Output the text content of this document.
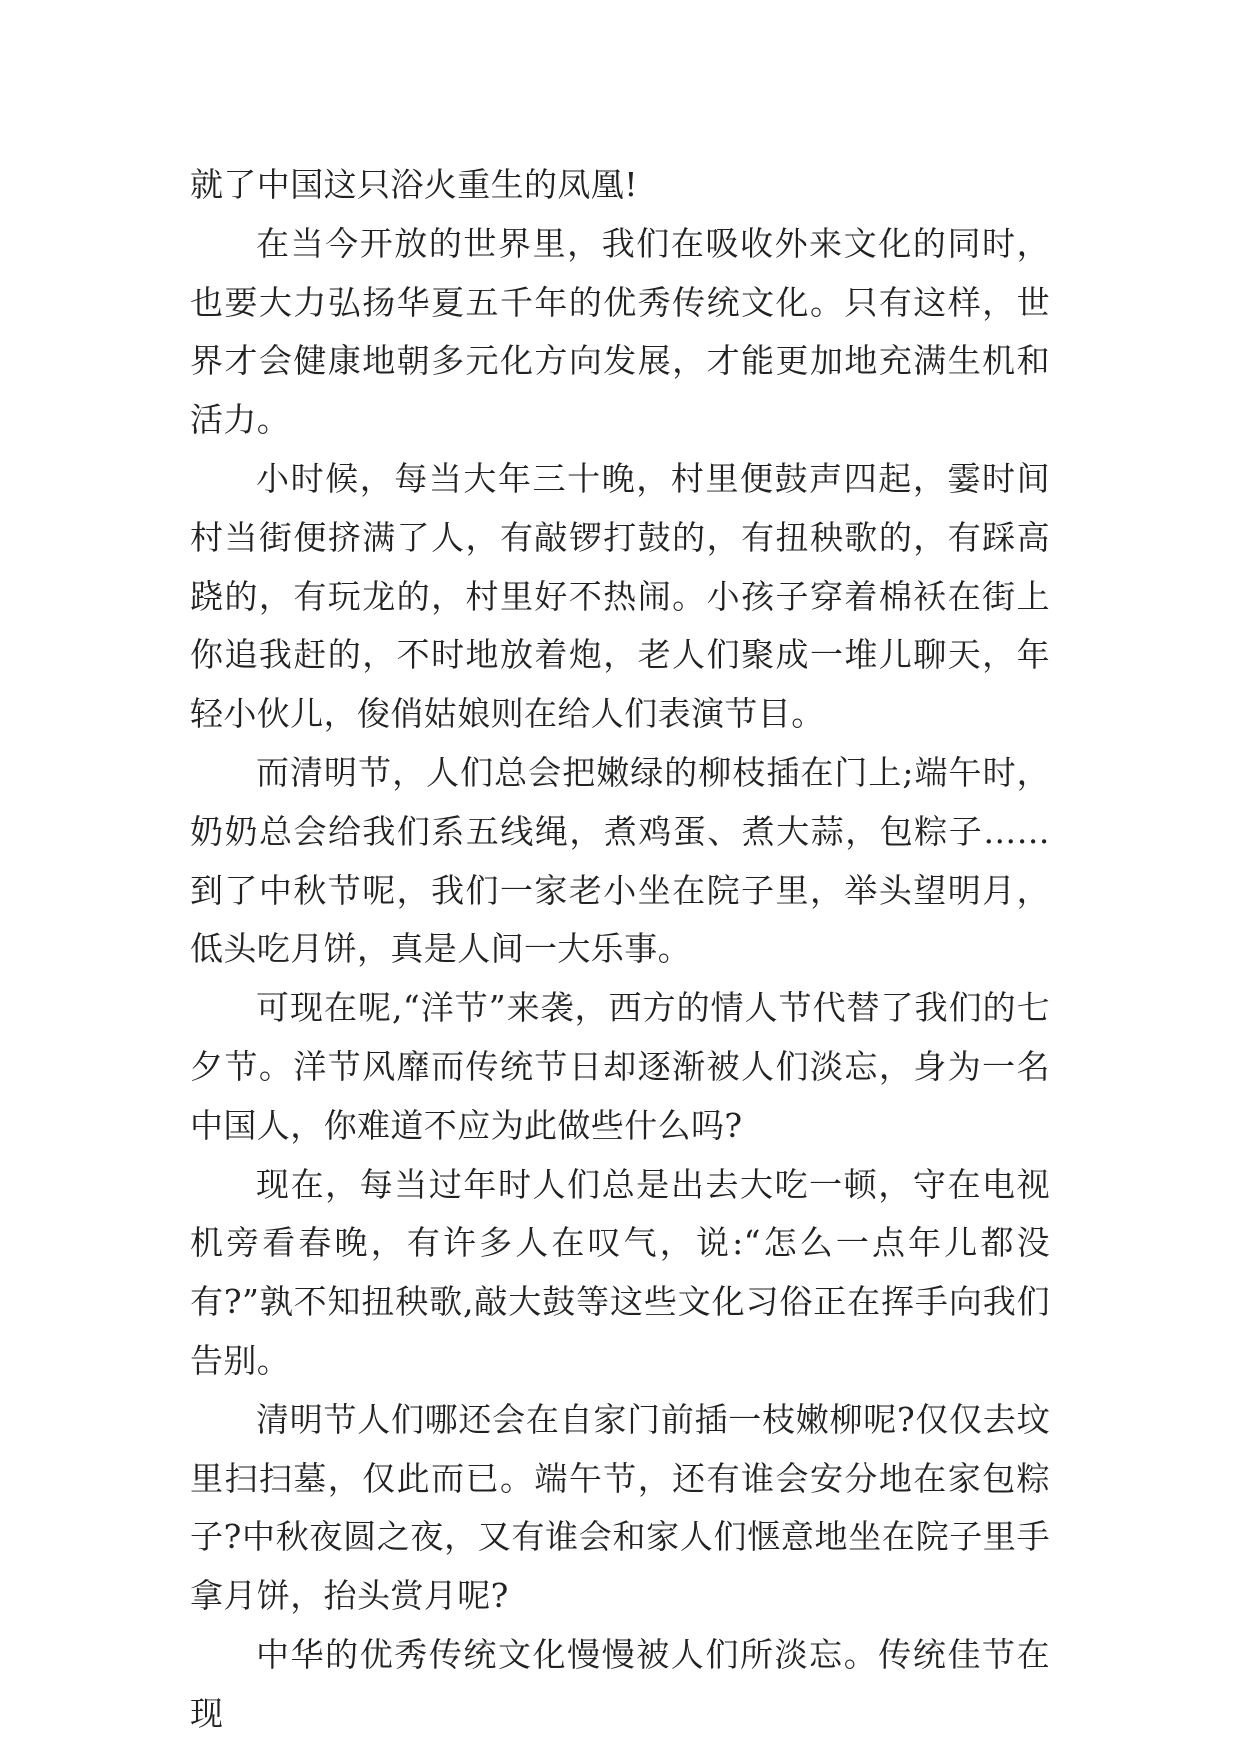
就了中国这只浴火重生的凤凰!

在当今开放的世界里，我们在吸收外来文化的同时，也要大力弘扬华夏五千年的优秀传统文化。只有这样，世界才会健康地朝多元化方向发展，才能更加地充满生机和活力。

小时候，每当大年三十晚，村里便鼓声四起，霎时间村当街便挤满了人，有敲锣打鼓的，有扭秧歌的，有踩高跷的，有玩龙的，村里好不热闹。小孩子穿着棉袄在街上你追我赶的，不时地放着炮，老人们聚成一堆儿聊天，年轻小伙儿，俊俏姑娘则在给人们表演节目。

而清明节，人们总会把嫩绿的柳枝插在门上;端午时，奶奶总会给我们系五线绳，煮鸡蛋、煮大蒜，包粽子……到了中秋节呢，我们一家老小坐在院子里，举头望明月，低头吃月饼，真是人间一大乐事。

可现在呢,“洋节”来袭，西方的情人节代替了我们的七夕节。洋节风靡而传统节日却逐渐被人们淡忘，身为一名中国人，你难道不应为此做些什么吗?

现在，每当过年时人们总是出去大吃一顿，守在电视机旁看春晚，有许多人在叹气，说:“怎么一点年儿都没有?”孰不知扭秧歌,敲大鼓等这些文化习俗正在挥手向我们告别。

清明节人们哪还会在自家门前插一枝嫩柳呢?仅仅去坟里扫扫墓，仅此而已。端午节，还有谁会安分地在家包粽子?中秋夜圆之夜，又有谁会和家人们惬意地坐在院子里手拿月饼，抬头赏月呢?

中华的优秀传统文化慢慢被人们所淡忘。传统佳节在现
